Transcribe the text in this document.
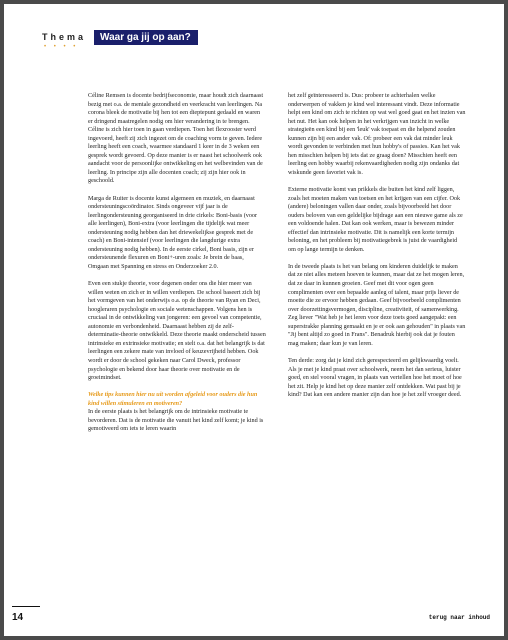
Thema
• • • •
Waar ga jij op aan?

Céline Remsen is docente bedrijfseconomie, maar houdt zich daarnaast bezig met o.a. de mentale gezondheid en veerkracht van leerlingen. Na corona bleek de motivatie bij hen tot een dieptepunt gedaald en waren er dringend maatregelen nodig om hier verandering in te brengen. Céline is zich hier toen in gaan verdiepen. Toen het flexrooster werd ingevoerd, heeft zij zich ingezet om de coaching vorm te geven. Iedere leerling heeft een coach, waarmee standaard 1 keer in de 3 weken een gesprek wordt gevoerd. Op deze manier is er naast het schoolwerk ook aandacht voor de persoonlijke ontwikkeling en het welbevinden van de leerling. In principe zijn alle docenten coach; zij zijn hier ook in geschoold.

Marga de Ruiter is docente kunst algemeen en muziek, en daarnaast ondersteuningscoördinator. Sinds ongeveer vijf jaar is de leerlingondersteuning georganiseerd in drie cirkels: Boni-basis (voor alle leerlingen), Boni-extra (voor leerlingen die tijdelijk wat meer ondersteuning nodig hebben dan het driewekelijkse gesprek met de coach) en Boni-intensief (voor leerlingen die langdurige extra ondersteuning nodig hebben). In de eerste cirkel, Boni basis, zijn er ondersteunende flexuren en Boni+-uren zoals: Je brein de baas, Omgaan met Spanning en stress en Onderzoeker 2.0.

Even een stukje theorie, voor degenen onder ons die hier meer van willen weten en zich er in willen verdiepen. De school baseert zich bij het vormgeven van het onderwijs o.a. op de theorie van Ryan en Deci, hoogleraren psychologie en sociale wetenschappen. Volgens hen is cruciaal in de ontwikkeling van jongeren: een gevoel van competentie, autonomie en verbondenheid. Daarnaast hebben zij de zelf-determinatie-theorie ontwikkeld. Deze theorie maakt onderscheid tussen intrinsieke en extrinsieke motivatie; en stelt o.a. dat het belangrijk is dat leerlingen een zekere mate van invloed of keuzevrijheid hebben. Ook wordt er door de school gekeken naar Carol Dweck, professor psychologie en bekend door haar theorie over motivatie en de groeimindset.

Welke tips kunnen hier nu uit worden afgeleid voor ouders die hun kind willen stimuleren en motiveren?

In de eerste plaats is het belangrijk om de intrinsieke motivatie te bevorderen. Dat is de motivatie die vanuit het kind zelf komt; je kind is gemotiveerd om iets te leren waarin

het zelf geïnteresseerd is. Dus: probeer te achterhalen welke onderwerpen of vakken je kind wel interessant vindt. Deze informatie helpt een kind om zich te richten op wat wel goed gaat en het inzien van het nut. Het kan ook helpen in het verkrijgen van inzicht in welke strategieën een kind bij een 'leuk' vak toepast en die helpend zouden kunnen zijn bij een ander vak. Of: probeer een vak dat minder leuk wordt gevonden te verbinden met hun hobby's of passies. Kan het vak hen misschien helpen bij iets dat ze graag doen? Misschien heeft een leerling een hobby waarbij rekenvaardigheden nodig zijn ondanks dat wiskunde geen favoriet vak is.

Externe motivatie komt van prikkels die buiten het kind zelf liggen, zoals het moeten maken van toetsen en het krijgen van een cijfer. Ook (andere) beloningen vallen daar onder, zoals bijvoorbeeld het door ouders beloven van een geldelijke bijdrage aan een nieuwe game als ze een voldoende halen. Dat kan ook werken, maar is bewezen minder effectief dan intrinsieke motivatie. Dit is namelijk een korte termijn beloning, en het probleem bij motivatiegebrek is juist de vaardigheid om op lange termijn te denken.

In de tweede plaats is het van belang om kinderen duidelijk te maken dat ze niet alles meteen hoeven te kunnen, maar dat ze het mogen leren, dat ze daar in kunnen groeien. Geef met dit voor ogen geen complimenten over een bepaalde aanleg of talent, maar prijs liever de moeite die ze ervoor hebben gedaan. Geef bijvoorbeeld complimenten over doorzettingsvermogen, discipline, creativiteit, of samenwerking. Zeg liever "Wat heb je het leren voor deze toets goed aangepakt: een superstrakke planning gemaakt en je er ook aan gehouden" in plaats van "Jij bent altijd zo goed in Frans". Benadruk hierbij ook dat je fouten mag maken; daar kun je van leren.

Ten derde: zorg dat je kind zich gerespecteerd en gelijkwaardig voelt. Als je met je kind praat over schoolwerk, neem het dan serieus, luister goed, en stel vooral vragen, in plaats van vertellen hoe het moet of hoe het zit. Help je kind het op deze manier zelf ontdekken. Wat past bij je kind? Dat kan een andere manier zijn dan hoe je het zelf vroeger deed.

14	terug naar inhoud
